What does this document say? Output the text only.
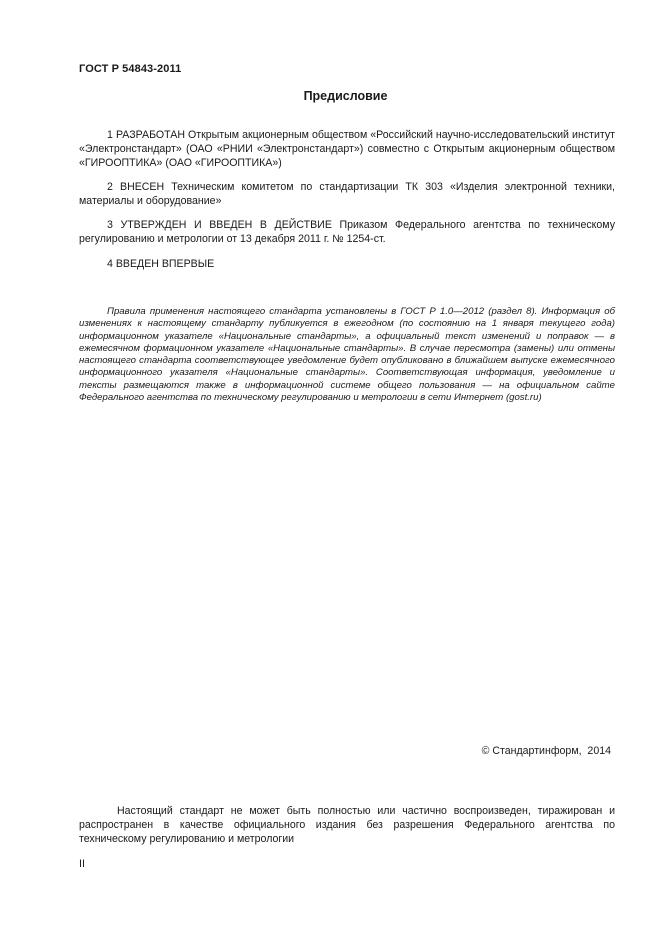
ГОСТ Р 54843-2011
Предисловие
1 РАЗРАБОТАН Открытым акционерным обществом «Российский научно-исследовательский институт «Электронстандарт» (ОАО «РНИИ «Электронстандарт») совместно с Открытым акционерным обществом «ГИРООПТИКА» (ОАО «ГИРООПТИКА»)
2 ВНЕСЕН Техническим комитетом по стандартизации ТК 303 «Изделия электронной техники, материалы и оборудование»
3 УТВЕРЖДЕН И ВВЕДЕН В ДЕЙСТВИЕ Приказом Федерального агентства по техническому регулированию и метрологии от 13 декабря 2011 г. № 1254-ст.
4 ВВЕДЕН ВПЕРВЫЕ
Правила применения настоящего стандарта установлены в ГОСТ Р 1.0—2012 (раздел 8). Информация об изменениях к настоящему стандарту публикуется в ежегодном (по состоянию на 1 января текущего года) информационном указателе «Национальные стандарты», а официальный текст изменений и поправок — в ежемесячном формационном указателе «Национальные стандарты». В случае пересмотра (замены) или отмены настоящего стандарта соответствующее уведомление будет опубликовано в ближайшем выпуске ежемесячного информационного указателя «Национальные стандарты». Соответствующая информация, уведомление и тексты размещаются также в информационной системе общего пользования — на официальном сайте Федерального агентства по техническому регулированию и метрологии в сети Интернет (gost.ru)
© Стандартинформ,  2014
Настоящий стандарт не может быть полностью или частично воспроизведен, тиражирован и распространен в качестве официального издания без разрешения Федерального агентства по техническому регулированию и метрологии
II
